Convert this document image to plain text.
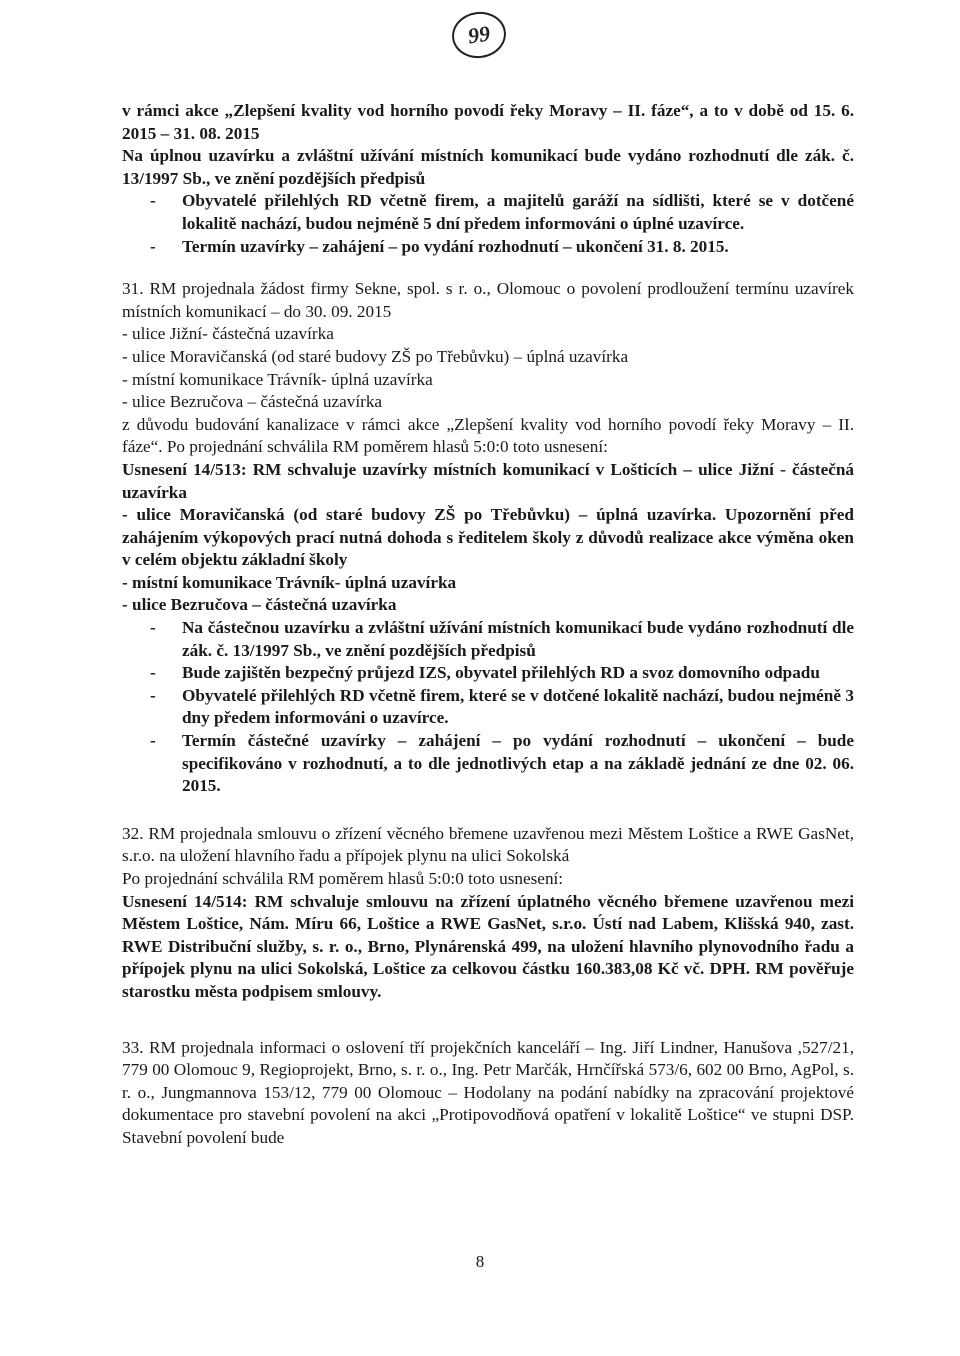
99

v rámci akce „Zlepšení kvality vod horního povodí řeky Moravy – II. fáze“, a to v době od 15. 6. 2015 – 31. 08. 2015

Na úplnou uzavírku a zvláštní užívání místních komunikací bude vydáno rozhodnutí dle zák. č. 13/1997 Sb., ve znění pozdějších předpisů

- Obyvatelé přilehlých RD včetně firem, a majitelů garáží na sídlišti, které se v dotčené lokalitě nachází, budou nejméně 5 dní předem informováni o úplné uzavírce.
- Termín uzavírky – zahájení – po vydání rozhodnutí – ukončení 31. 8. 2015.

31. RM projednala žádost firmy Sekne, spol. s r. o., Olomouc o povolení prodloužení termínu uzavírek místních komunikací – do 30. 09. 2015

- ulice Jižní- částečná uzavírka

- ulice Moravičanská (od staré budovy ZŠ po Třebůvku) – úplná uzavírka

- místní komunikace Trávník- úplná uzavírka

- ulice Bezručova – částečná uzavírka

z důvodu budování kanalizace v rámci akce „Zlepšení kvality vod horního povodí řeky Moravy – II. fáze“. Po projednání schválila RM poměrem hlasů 5:0:0 toto usnesení:

Usnesení 14/513: RM schvaluje uzavírky místních komunikací v Lošticích – ulice Jižní - částečná uzavírka

- ulice Moravičanská (od staré budovy ZŠ po Třebůvku) – úplná uzavírka. Upozornění před zahájením výkopových prací nutná dohoda s ředitelem školy z důvodů realizace akce výměna oken v celém objektu základní školy

- místní komunikace Trávník- úplná uzavírka

- ulice Bezručova – částečná uzavírka

- Na částečnou uzavírku a zvláštní užívání místních komunikací bude vydáno rozhodnutí dle zák. č. 13/1997 Sb., ve znění pozdějších předpisů
- Bude zajištěn bezpečný průjezd IZS, obyvatel přilehlých RD a svoz domovního odpadu
- Obyvatelé přilehlých RD včetně firem, které se v dotčené lokalitě nachází, budou nejméně 3 dny předem informováni o uzavírce.
- Termín částečné uzavírky – zahájení – po vydání rozhodnutí – ukončení – bude specifikováno v rozhodnutí, a to dle jednotlivých etap a na základě jednání ze dne 02. 06. 2015.

32. RM projednala smlouvu o zřízení věcného břemene uzavřenou mezi Městem Loštice a RWE GasNet, s.r.o. na uložení hlavního řadu a přípojek plynu na ulici Sokolská

Po projednání schválila RM poměrem hlasů 5:0:0 toto usnesení:

Usnesení 14/514: RM schvaluje smlouvu na zřízení úplatného věcného břemene uzavřenou mezi Městem Loštice, Nám. Míru 66, Loštice a RWE GasNet, s.r.o. Ústí nad Labem, Klišská 940, zast. RWE Distribuční služby, s. r. o., Brno, Plynárenská 499, na uložení hlavního plynovodního řadu a přípojek plynu na ulici Sokolská, Loštice za celkovou částku 160.383,08 Kč vč. DPH. RM pověřuje starostku města podpisem smlouvy.

33. RM projednala informaci o oslovení tří projekčních kanceláří – Ing. Jiří Lindner, Hanušova ,527/21, 779 00 Olomouc 9, Regioprojekt, Brno, s. r. o., Ing. Petr Marčák, Hrnčířská 573/6, 602 00 Brno, AgPol, s. r. o., Jungmannova 153/12, 779 00 Olomouc – Hodolany na podání nabídky na zpracování projektové dokumentace pro stavební povolení na akci „Protipovodňová opatření v lokalitě Loštice“ ve stupni DSP. Stavební povolení bude

8
